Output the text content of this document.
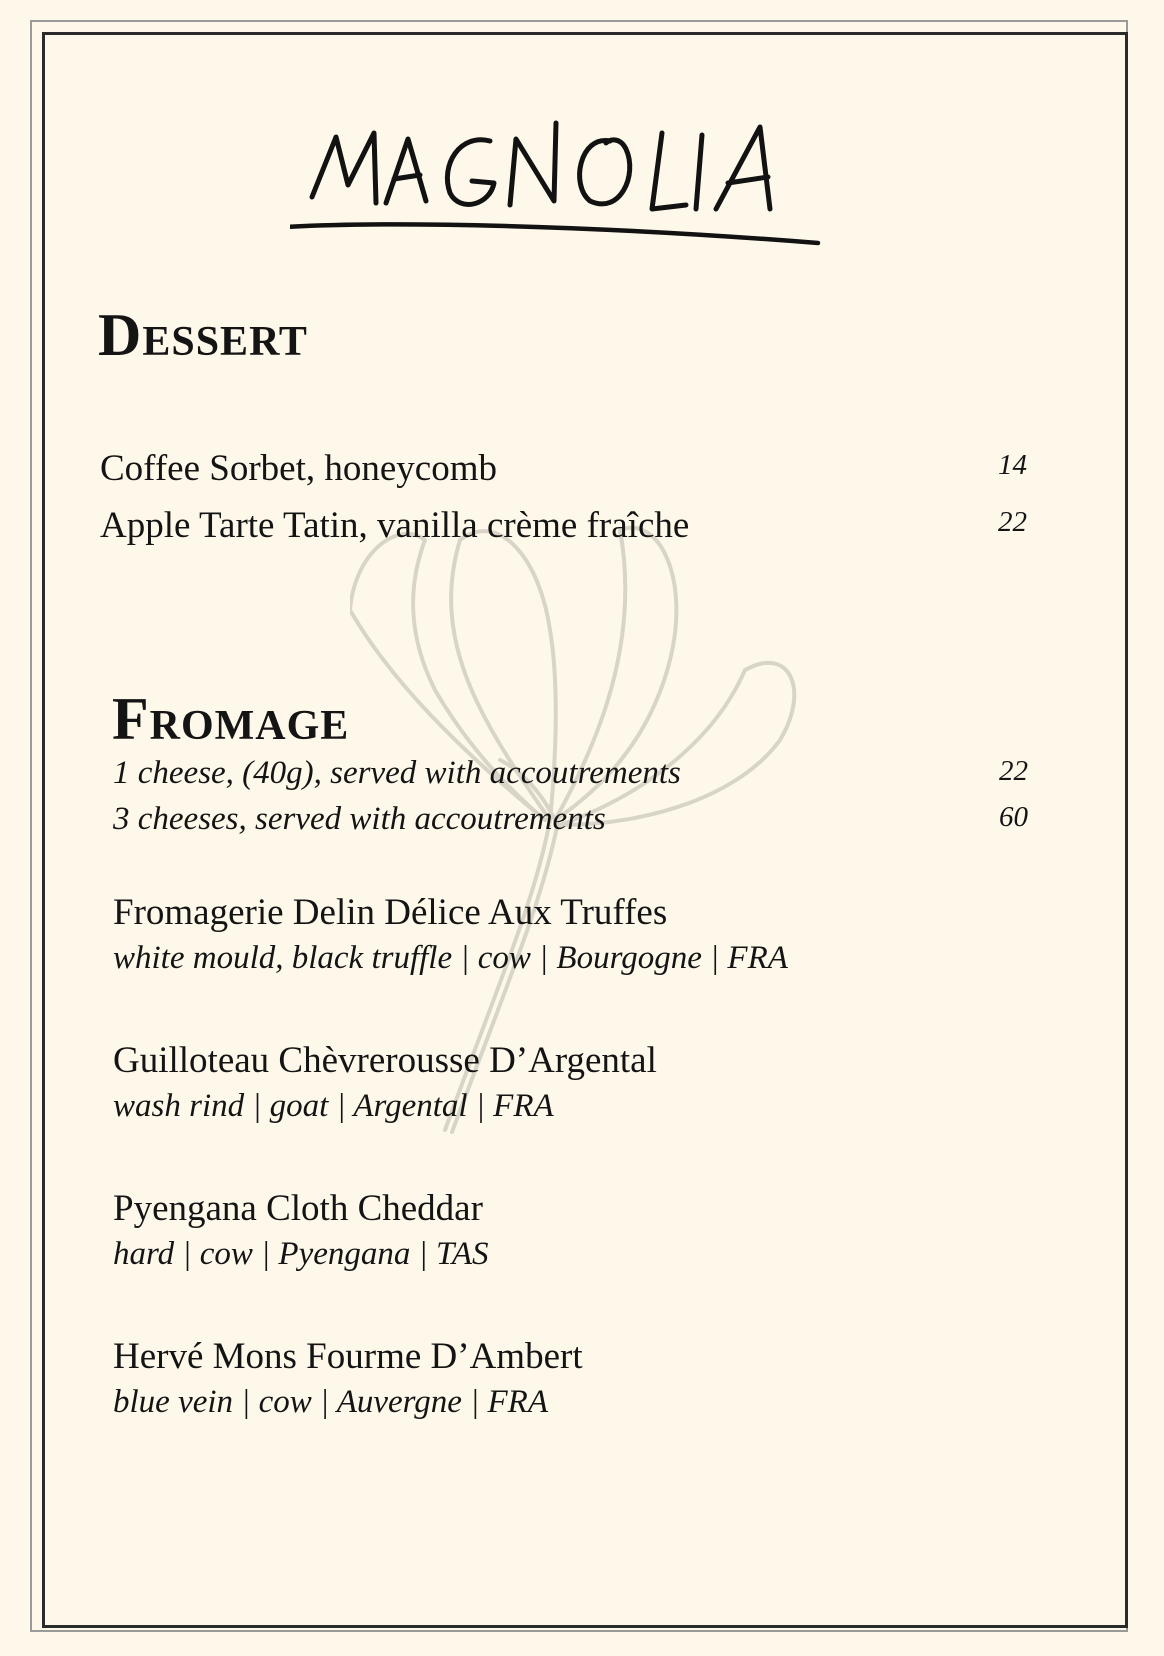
Dessert
Coffee Sorbet, honeycomb	14
Apple Tarte Tatin, vanilla crème fraîche	22
Fromage
1 cheese, (40g), served with accoutrements	22
3 cheeses, served with accoutrements	60
Fromagerie Delin Délice Aux Truffes
white mould, black truffle | cow | Bourgogne | FRA
Guilloteau Chèvrerousse D’Argental
wash rind | goat | Argental | FRA
Pyengana Cloth Cheddar
hard | cow | Pyengana | TAS
Hervé Mons Fourme D’Ambert
blue vein | cow | Auvergne | FRA
